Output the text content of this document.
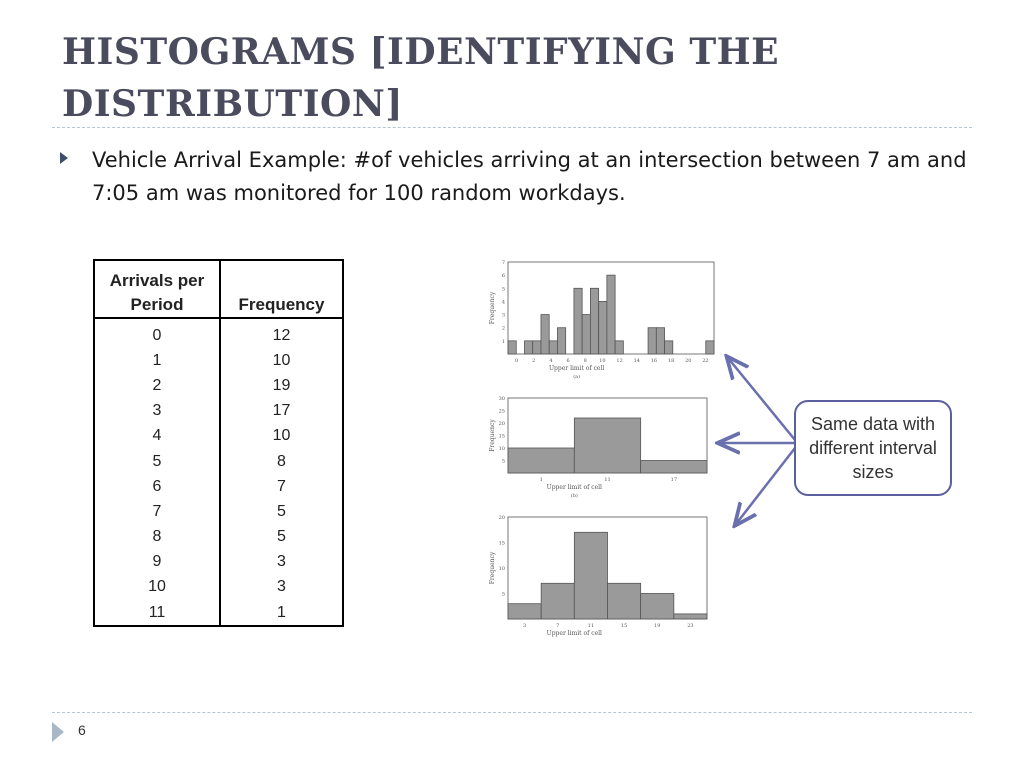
HISTOGRAMS [IDENTIFYING THE DISTRIBUTION]
Vehicle Arrival Example: #of vehicles arriving at an intersection between 7 am and 7:05 am was monitored for 100 random workdays.
Arrivals per Period	Frequency
0	12
1	10
2	19
3	17
4	10
5	8
6	7
7	5
8	5
9	3
10	3
11	1
0	2	4	6	8 10 12 14 16 18 20 22
1
2
3
4
5
6
7
Frequency
Upper limit of cell
(a)
1	11	17
5
10
15
20
25
30
Frequency
Upper limit of cell
(b)
3	7	11	15	19	23
5
10
15
20
Frequency
Upper limit of cell
Same data with different interval sizes
6
